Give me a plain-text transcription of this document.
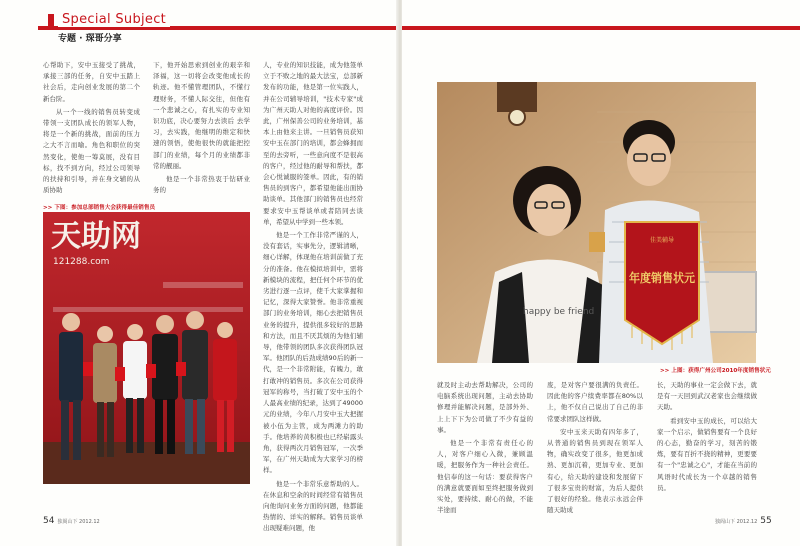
Special Subject
专题 · 琛哥分享

心帮助下，安中玉接受了挑战，承接三部的任务，自安中玉踏上社会后，走向创业发展的第二个新台阶。

从一个一线的销售员转变成带领一支团队成长的领军人物，将是一个新的挑战，面前的压力之大不言而喻。角色和职位的突然变化，使他一筹莫展，没有目标，找不到方向，经过公司领导的扶持和引导，并在身文辅的从质协助

下，他开始思索到创业的艰辛和泽福，这一切将会改变他成长的轨迹。他不懂管理团队，不懂行理财务，不懂人际交往，但他有一个悲诚之心，有扎实的专业知识功底，决心要努力去读后 去学习，去实践，他继明的维定和快速的领悟，使他很快的就能把控部门的业绩，每个月的业绩都非常的靓丽。

他是一个非常热衷于钻研业务的

人，专业的知识技能，成为他签单立于不败之地的最大法宝，总部新发布的功能，他是第一位实践人，并在公司辅导培训，"技术专家"成为广州天助人对他的高度评价。因此，广州保善公司的业务培训，基本上由他来主讲。一旦销售员获知安中玉在部门的培训，都会蜂拥而至的去旁听，一些意向度不是很高的客户，经过他的耐导和帮扶，都会心悦诚服的签单。因此，有的销售员的到客户，都希望他能出面协助谈单。其他部门的销售员也经常要求安中玉帮谈单或者陪同去谈单，希望从中学到一些本领。

他是一个工作非常严谨的人，没有套话，实事先分，逻辑清晰，细心详解，体现他在培训前做了充分的准备。他在模拟培训中，需将新模块的流程，把任何个环节的优劣进行逐一点评，使千大家掌握和记忆，深得大家赞誉。他非常重视部门的业务培训，细心去把销售员业务的提升，提供很多较好的思路和方法，而且不厌其烦的为他们辅导，他带领的团队多次获得团队冠军。他团队的后劲成绩90后的新一代，是一个非常附能，有魄力，敢打敢冲的销售员。多次在公司获得冠军的称号，当打破了安中玉的个人最高业绩的纪录，达到了49000元的业绩，今年八月安中玉大把握被小伍为主管，成为两滩力的助手。他培养的黄积极也已经崭露头角，获得两次月销售冠军，一次季军，在广州天助成为大家学习的榜样。

他是一个非常乐意帮助的人。在休息和空余的时间经常有销售员向他询问业务方面的问题，他都能热情的、详实的解释。销售员谈单出现疑难问题，他

>> 下图：参加总部销售大会获得最佳销售员
天助网
121288.com
54 独阁山下 2012.12
happy be friend
佳美辅导
年度销售状元
>> 上图：获得广州公司2010年度销售状元

就及时主动去帮助解决，公司的电脑系统出现问题，主动去协助修理并能解决问题，是部外外、上上下下为公司做了不少有益的事。

他是一个非常有责任心的人，对客户细心入微，兼顾温暖，把服务作为一种社会责任。他信奉的这一句话：要获得客户的满意就要面如至终把服务做到实处，要持续、耐心的做，不能半途而

废，是对客户要很满的负责任。因此他的客户续费率都在80%以上，他不仅自己说出了自己的非常要求团队这样做。

安中玉来天助有四年多了，从普通的销售员到现在领军人物，确实改变了很多，他更加成熟、更加沉着，更加专业、更加有心，给天助的建设和发展留下了很多宝贵的财富，为后人提供了很好的经验。他表示永远会伴随天助成

长，天助的事业一定会做下去，就是有一天回到武汉老家也会继续做天助。

看到安中玉的成长，可以给大家一个启示，做销售要有一个良好的心态，勤奋的学习，刻苦的锻炼，要有百折不挠的精神，更要要有一个"忠诚之心"，才能在当前的风语时代成长为一个卓越的销售员。

独阁山下 2012.12 55
